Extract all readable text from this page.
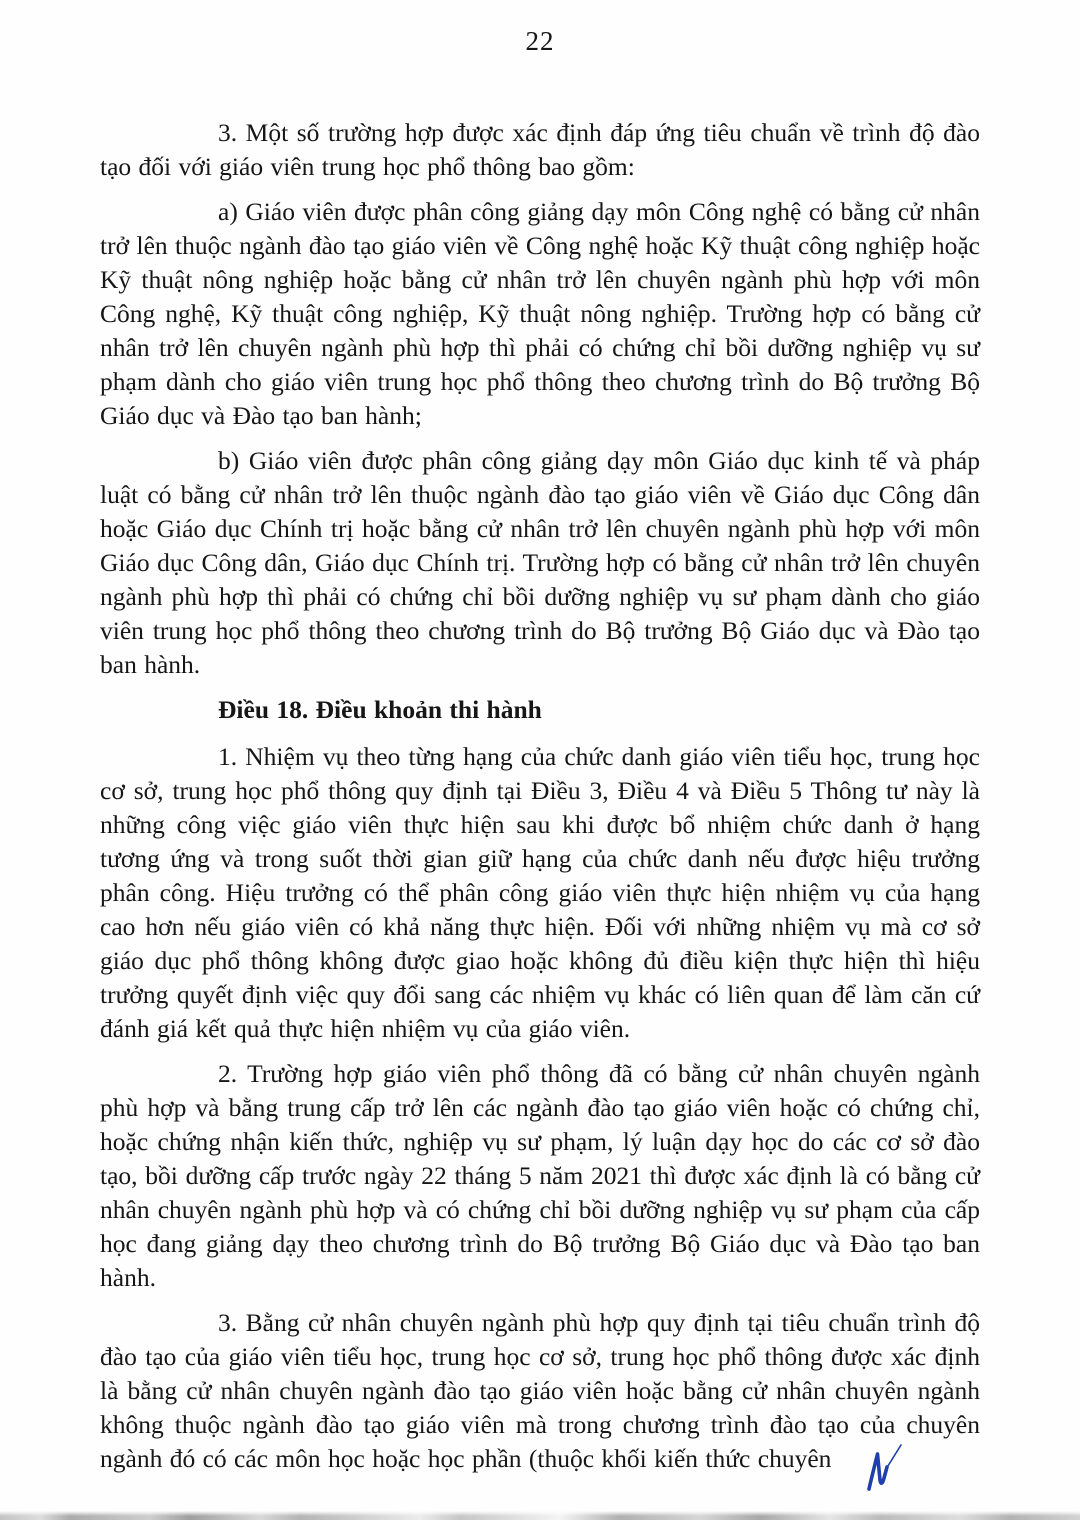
22

3. Một số trường hợp được xác định đáp ứng tiêu chuẩn về trình độ đào tạo đối với giáo viên trung học phổ thông bao gồm:

a) Giáo viên được phân công giảng dạy môn Công nghệ có bằng cử nhân trở lên thuộc ngành đào tạo giáo viên về Công nghệ hoặc Kỹ thuật công nghiệp hoặc Kỹ thuật nông nghiệp hoặc bằng cử nhân trở lên chuyên ngành phù hợp với môn Công nghệ, Kỹ thuật công nghiệp, Kỹ thuật nông nghiệp. Trường hợp có bằng cử nhân trở lên chuyên ngành phù hợp thì phải có chứng chỉ bồi dưỡng nghiệp vụ sư phạm dành cho giáo viên trung học phổ thông theo chương trình do Bộ trưởng Bộ Giáo dục và Đào tạo ban hành;

b) Giáo viên được phân công giảng dạy môn Giáo dục kinh tế và pháp luật có bằng cử nhân trở lên thuộc ngành đào tạo giáo viên về Giáo dục Công dân hoặc Giáo dục Chính trị hoặc bằng cử nhân trở lên chuyên ngành phù hợp với môn Giáo dục Công dân, Giáo dục Chính trị. Trường hợp có bằng cử nhân trở lên chuyên ngành phù hợp thì phải có chứng chỉ bồi dưỡng nghiệp vụ sư phạm dành cho giáo viên trung học phổ thông theo chương trình do Bộ trưởng Bộ Giáo dục và Đào tạo ban hành.

Điều 18. Điều khoản thi hành

1. Nhiệm vụ theo từng hạng của chức danh giáo viên tiểu học, trung học cơ sở, trung học phổ thông quy định tại Điều 3, Điều 4 và Điều 5 Thông tư này là những công việc giáo viên thực hiện sau khi được bổ nhiệm chức danh ở hạng tương ứng và trong suốt thời gian giữ hạng của chức danh nếu được hiệu trưởng phân công. Hiệu trưởng có thể phân công giáo viên thực hiện nhiệm vụ của hạng cao hơn nếu giáo viên có khả năng thực hiện. Đối với những nhiệm vụ mà cơ sở giáo dục phổ thông không được giao hoặc không đủ điều kiện thực hiện thì hiệu trưởng quyết định việc quy đổi sang các nhiệm vụ khác có liên quan để làm căn cứ đánh giá kết quả thực hiện nhiệm vụ của giáo viên.

2. Trường hợp giáo viên phổ thông đã có bằng cử nhân chuyên ngành phù hợp và bằng trung cấp trở lên các ngành đào tạo giáo viên hoặc có chứng chỉ, hoặc chứng nhận kiến thức, nghiệp vụ sư phạm, lý luận dạy học do các cơ sở đào tạo, bồi dưỡng cấp trước ngày 22 tháng 5 năm 2021 thì được xác định là có bằng cử nhân chuyên ngành phù hợp và có chứng chỉ bồi dưỡng nghiệp vụ sư phạm của cấp học đang giảng dạy theo chương trình do Bộ trưởng Bộ Giáo dục và Đào tạo ban hành.

3. Bằng cử nhân chuyên ngành phù hợp quy định tại tiêu chuẩn trình độ đào tạo của giáo viên tiểu học, trung học cơ sở, trung học phổ thông được xác định là bằng cử nhân chuyên ngành đào tạo giáo viên hoặc bằng cử nhân chuyên ngành không thuộc ngành đào tạo giáo viên mà trong chương trình đào tạo của chuyên ngành đó có các môn học hoặc học phần (thuộc khối kiến thức chuyên
